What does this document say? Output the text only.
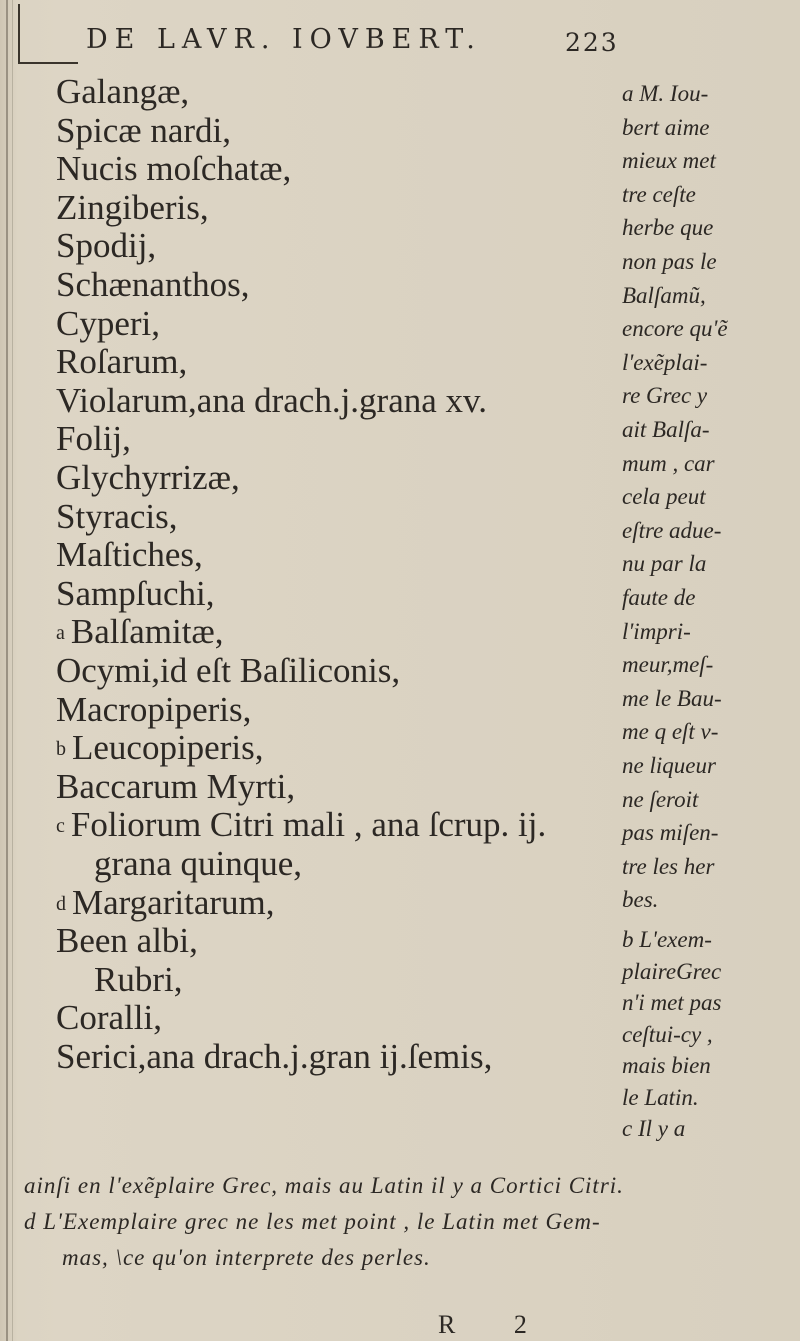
DE LAVR. IOVBERT.	223

Galangæ,

Spicæ nardi,

Nucis moſchatæ,

Zingiberis,

Spodij,

Schænanthos,

Cyperi,

Roſarum,

Violarum,ana drach.j.grana xv.

Folij,

Glychyrrizæ,

Styracis,

Maſtiches,

Sampſuchi,

a Balſamitæ,

Ocymi,id eſt Baſiliconis,

Macropiperis,

b Leucopiperis,

Baccarum Myrti,

c Foliorum Citri mali , ana ſcrup. ij.

grana quinque,

d Margaritarum,

Been albi,

Rubri,

Coralli,

Serici,ana drach.j.gran ij.ſemis,

a M. Iou-

bert aime

mieux met

tre ceſte

herbe que

non pas le

Balſamũ,

encore qu'ẽ

l'exẽplai-

re Grec y

ait Balſa-

mum , car

cela peut

eſtre adue-

nu par la

faute de

l'impri-

meur,meſ-

me le Bau-

me q eſt v-

ne liqueur

ne ſeroit

pas miſen-

tre les her

bes.

b L'exem-

plaireGrec

n'i met pas

ceſtui-cy ,

mais bien

le Latin.

c Il y a

ainſi en l'exẽplaire Grec, mais au Latin il y a Cortici Citri.

d L'Exemplaire grec ne les met point , le Latin met Gem-

mas, \ce qu'on interprete des perles.

R 2
